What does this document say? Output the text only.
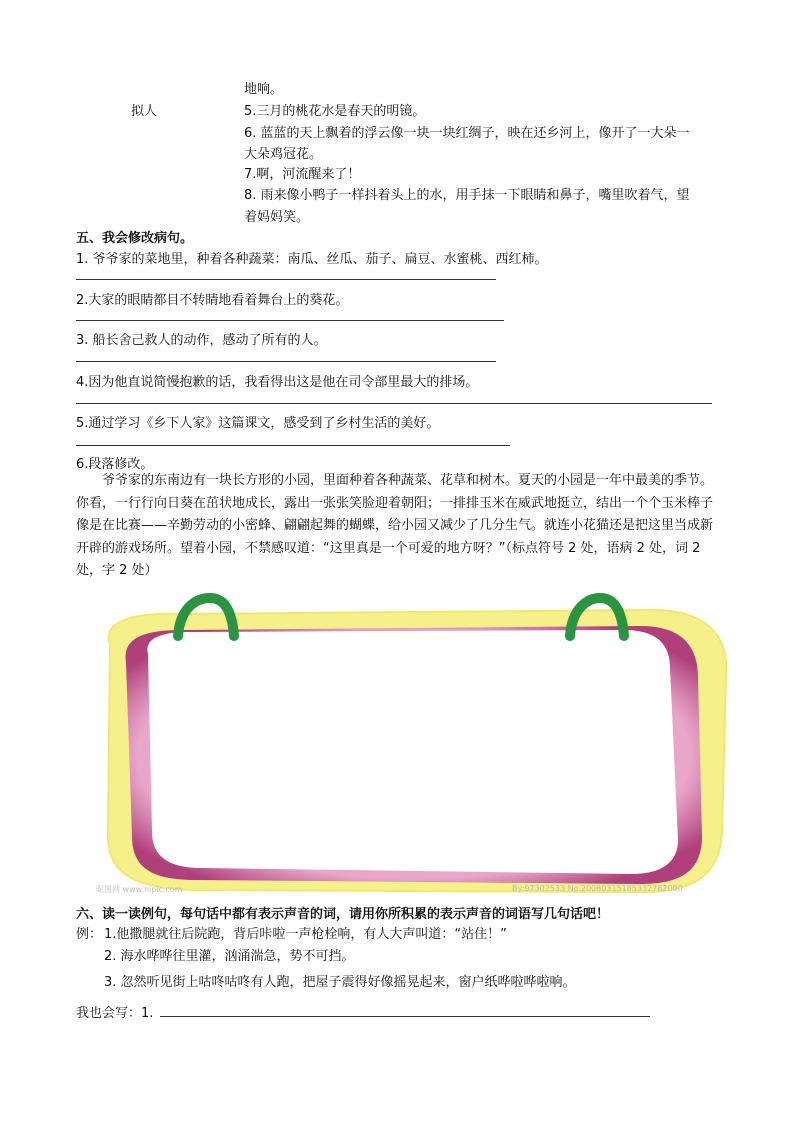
地响。
拟人	5.三月的桃花水是春天的明镜。
6. 蓝蓝的天上飘着的浮云像一块一块红绸子，映在还乡河上，像开了一大朵一
大朵鸡冠花。
7.啊，河流醒来了！
8. 雨来像小鸭子一样抖着头上的水，用手抹一下眼睛和鼻子，嘴里吹着气，望
着妈妈笑。
五、我会修改病句。
1. 爷爷家的菜地里，种着各种蔬菜：南瓜、丝瓜、茄子、扁豆、水蜜桃、西红柿。
2.大家的眼睛都目不转睛地看着舞台上的葵花。
3. 船长舍己救人的动作，感动了所有的人。
4.因为他直说简慢抱歉的话，我看得出这是他在司令部里最大的排场。
5.通过学习《乡下人家》这篇课文，感受到了乡村生活的美好。
6.段落修改。
爷爷家的东南边有一块长方形的小园，里面种着各种蔬菜、花草和树木。夏天的小园是一年中最美的季节。你看，一行行向日葵在茁状地成长，露出一张张笑脸迎着朝阳；一排排玉米在威武地挺立，结出一个个玉米棒子像是在比赛——辛勤劳动的小密蜂、翩翩起舞的蝴蝶，给小园又减少了几分生气。就连小花猫还是把这里当成新开辟的游戏场所。望着小园，不禁感叹道：“这里真是一个可爱的地方呀？”（标点符号 2 处，语病 2 处，词 2 处，字 2 处）
昵图网 www.nipic.com	By:97302533 No.20080315185332782000
六、读一读例句，每句话中都有表示声音的词，请用你所积累的表示声音的词语写几句话吧！
例： 1.他撒腿就往后院跑，背后咔啦一声枪栓响，有人大声叫道：“站住！”
2. 海水哗哗往里灌，汹涌湍急，势不可挡。
3. 忽然听见街上咕咚咕咚有人跑，把屋子震得好像摇晃起来，窗户纸哗啦哗啦响。
我也会写：1.
